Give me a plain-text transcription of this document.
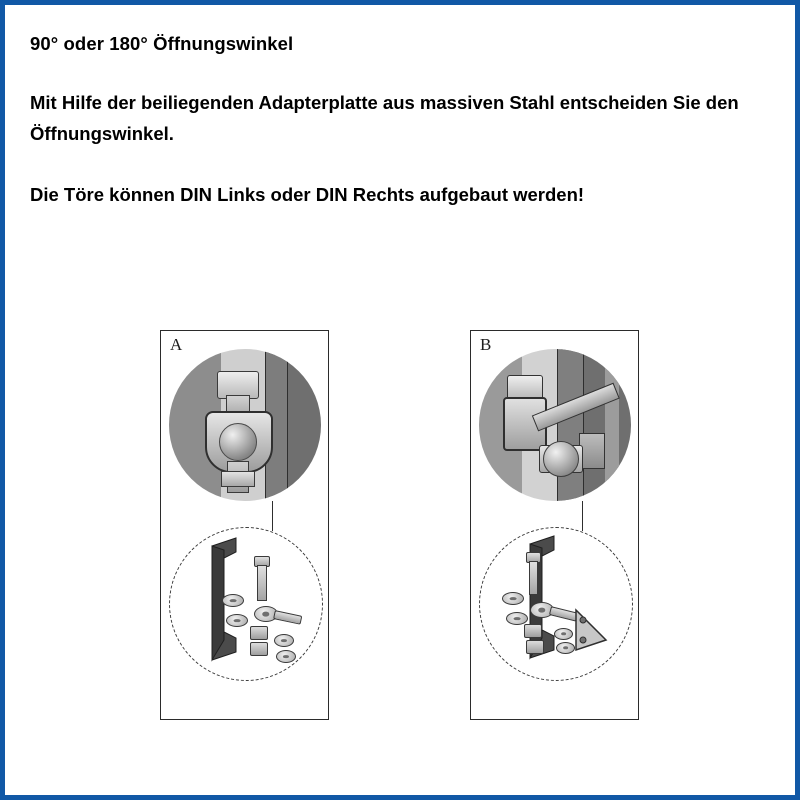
90° oder 180° Öffnungswinkel

Mit Hilfe der beiliegenden Adapterplatte aus massiven Stahl entscheiden Sie den Öffnungswinkel.

Die Töre können DIN Links oder DIN Rechts aufgebaut werden!

A	B
